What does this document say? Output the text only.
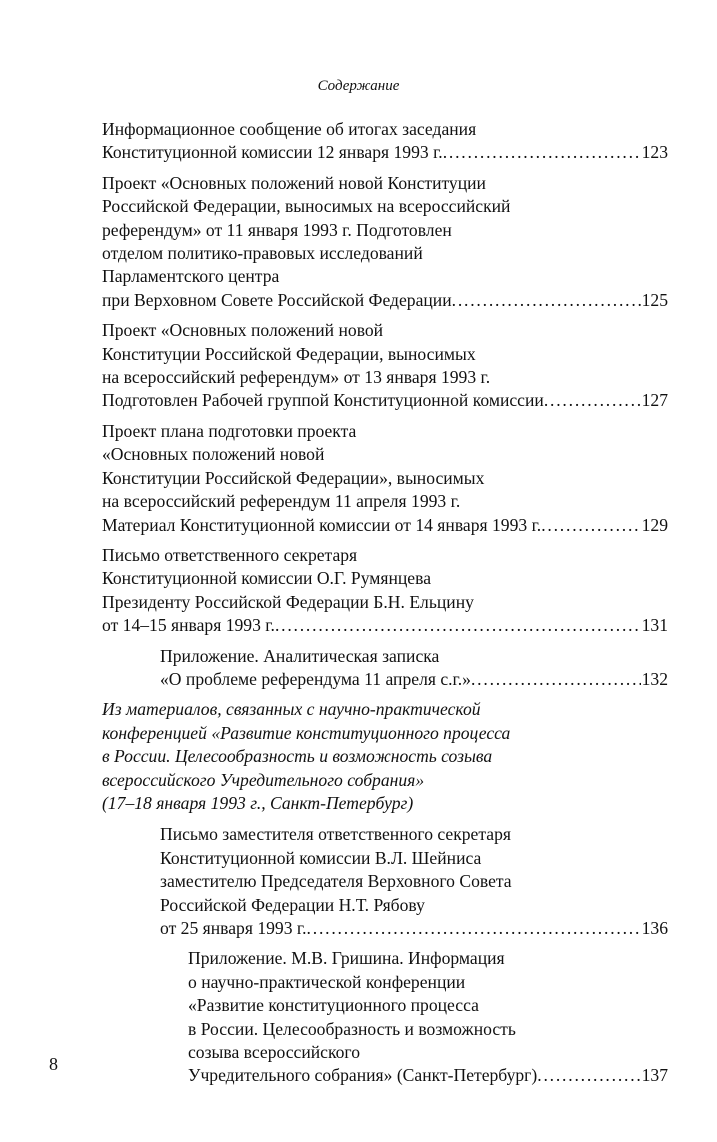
Содержание
Информационное сообщение об итогах заседания
Конституционной комиссии 12 января 1993 г. . . .	123
Проект «Основных положений новой Конституции
Российской Федерации, выносимых на всероссийский
референдум» от 11 января 1993 г. Подготовлен
отделом политико-правовых исследований
Парламентского центра
при Верховном Совете Российской Федерации . . .	125
Проект «Основных положений новой
Конституции Российской Федерации, выносимых
на всероссийский референдум» от 13 января 1993 г.
Подготовлен Рабочей группой Конституционной комиссии . . .	127
Проект плана подготовки проекта
«Основных положений новой
Конституции Российской Федерации», выносимых
на всероссийский референдум 11 апреля 1993 г.
Материал Конституционной комиссии от 14 января 1993 г. . . .	129
Письмо ответственного секретаря
Конституционной комиссии О.Г. Румянцева
Президенту Российской Федерации Б.Н. Ельцину
от 14–15 января 1993 г. . . .	131
Приложение. Аналитическая записка
«О проблеме референдума 11 апреля с.г.» . . .	132
Из материалов, связанных с научно-практической
конференцией «Развитие конституционного процесса
в России. Целесообразность и возможность созыва
всероссийского Учредительного собрания»
(17–18 января 1993 г., Санкт-Петербург)
Письмо заместителя ответственного секретаря
Конституционной комиссии В.Л. Шейниса
заместителю Председателя Верховного Совета
Российской Федерации Н.Т. Рябову
от 25 января 1993 г. . . .	136
Приложение. М.В. Гришина. Информация
о научно-практической конференции
«Развитие конституционного процесса
в России. Целесообразность и возможность
созыва всероссийского
Учредительного собрания» (Санкт-Петербург) . . .	137
8
